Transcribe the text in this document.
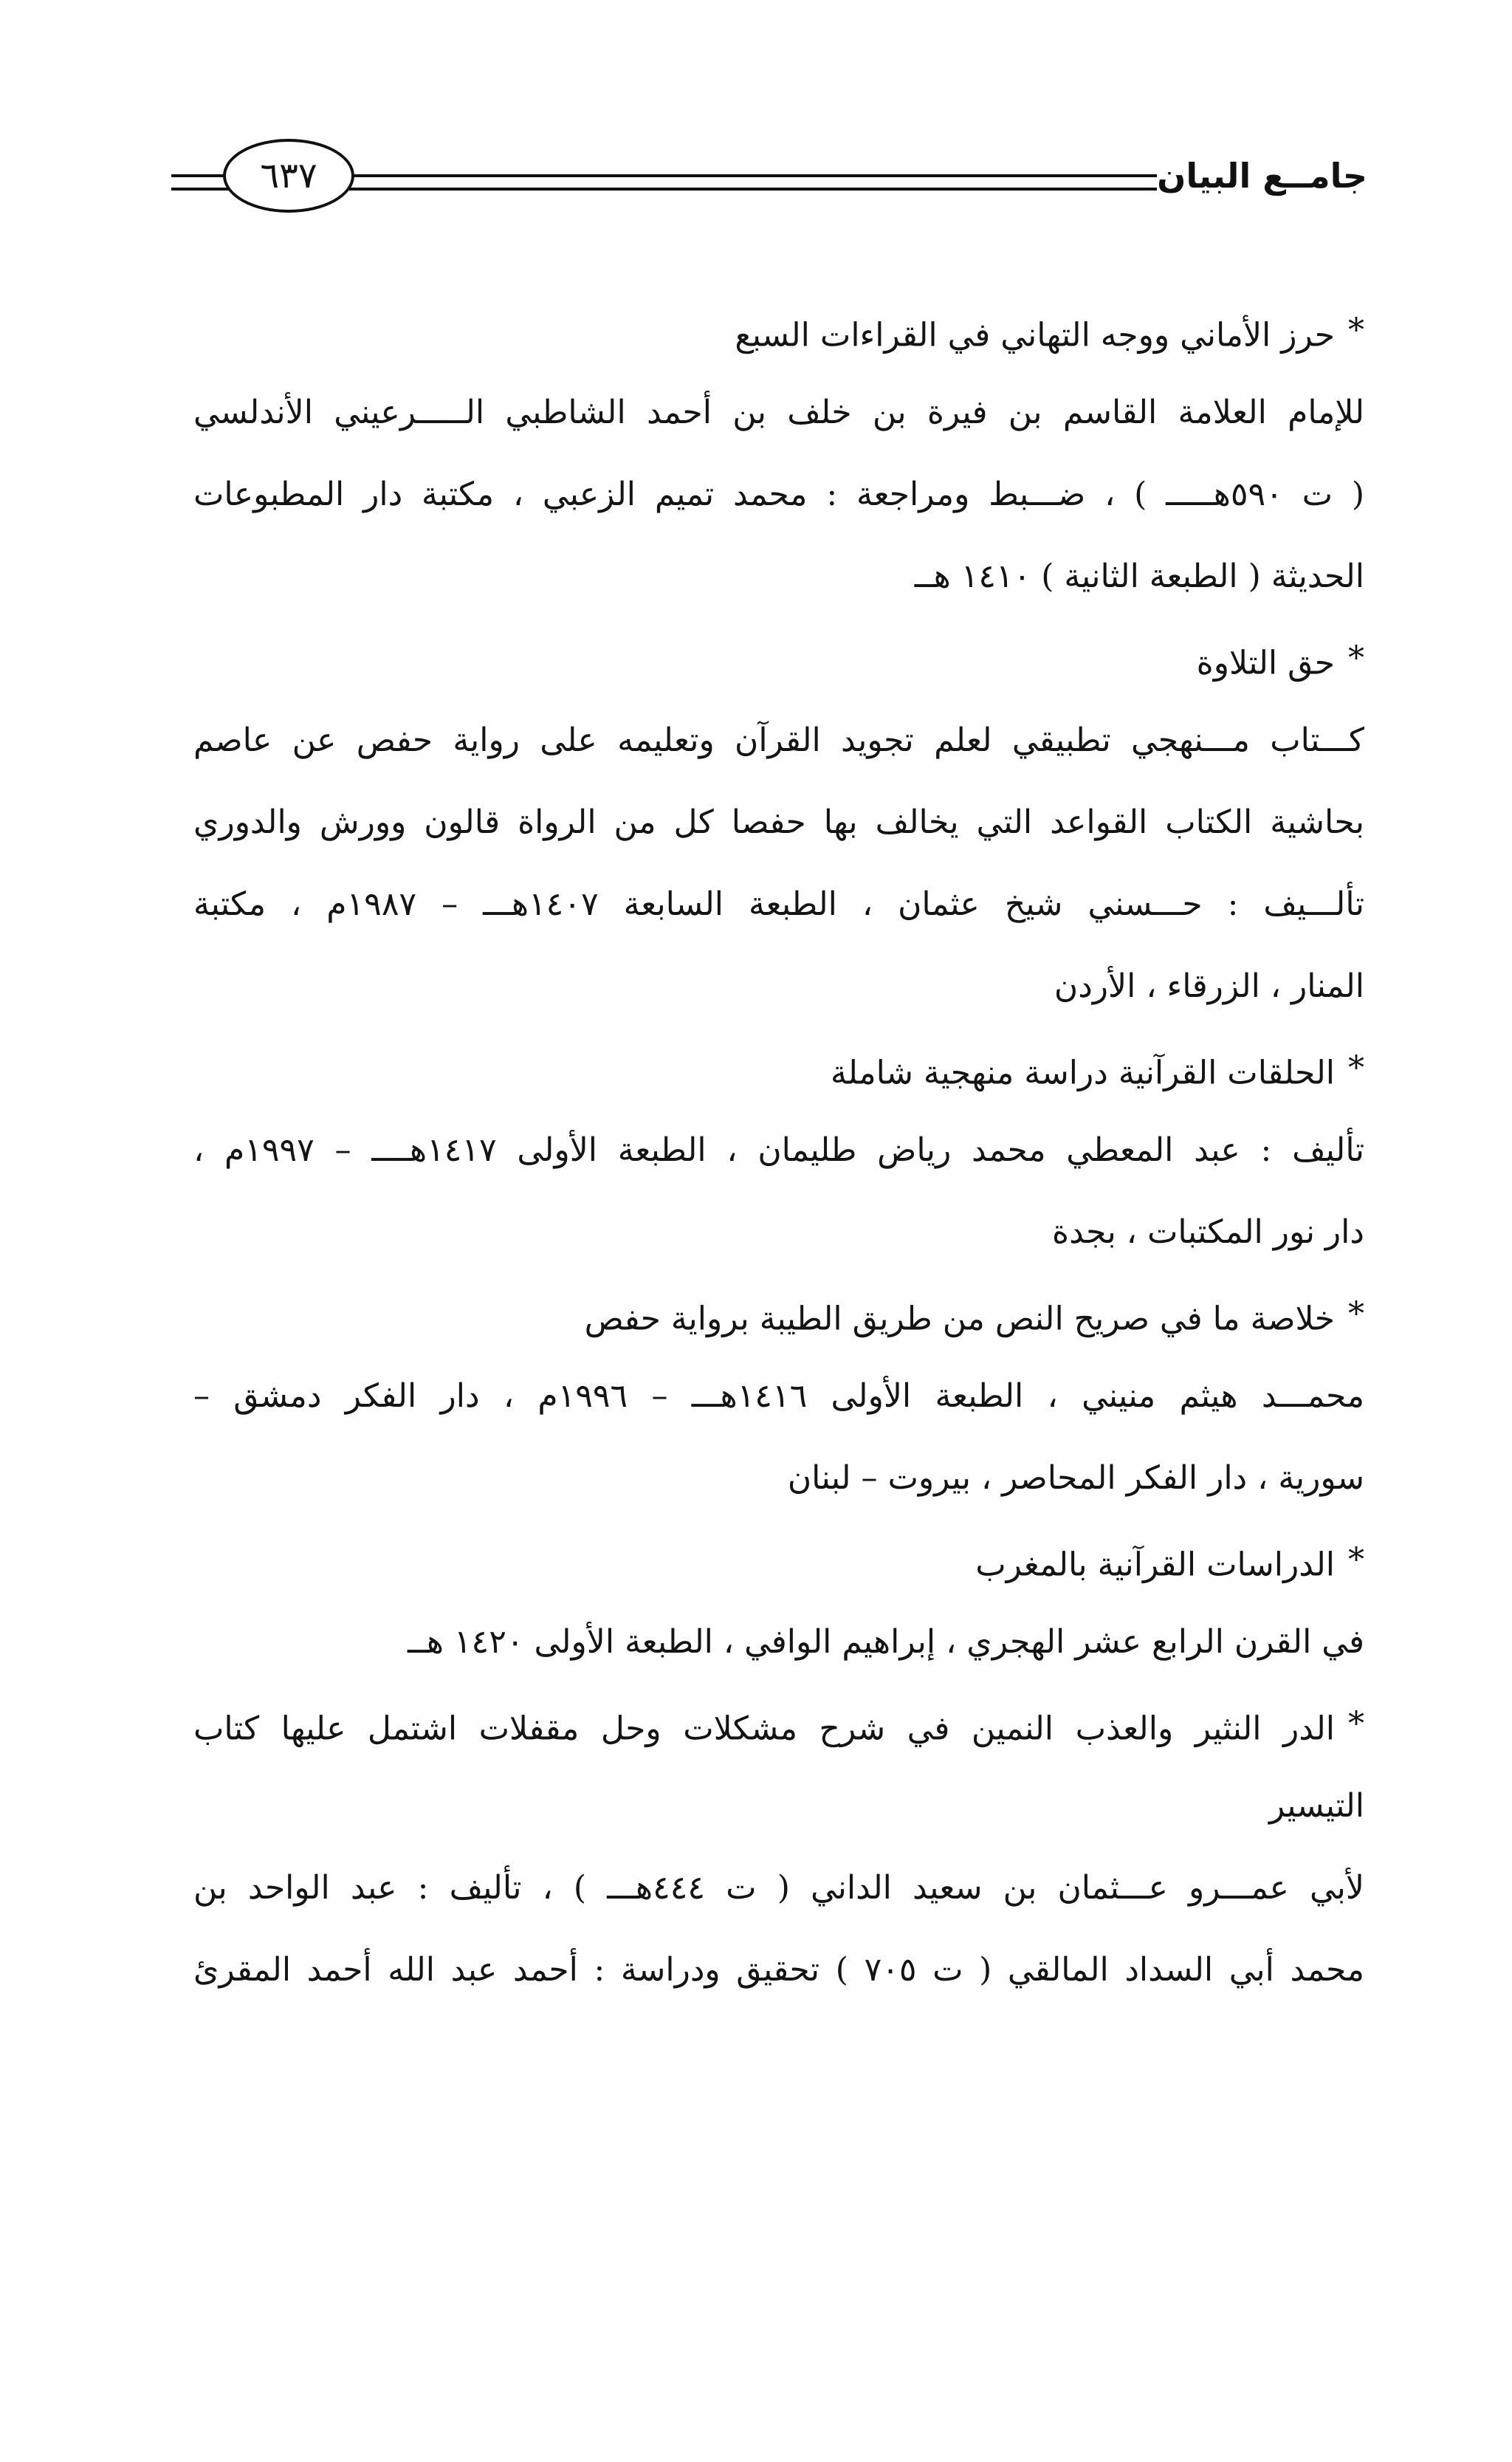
جامــع البيان
٦٣٧
*حرز الأماني ووجه التهاني في القراءات السبع
للإمام العلامة القاسم بن فيرة بن خلف بن أحمد الشاطبي الـــــرعيني الأندلسي
( ت ٥٩٠هـــــ ) ، ضـــبط ومراجعة : محمد تميم الزعبي ، مكتبة دار المطبوعات
الحديثة ( الطبعة الثانية ) ١٤١٠ هــ
*حق التلاوة
كـــتاب مـــنهجي تطبيقي لعلم تجويد القرآن وتعليمه على رواية حفص عن عاصم
بحاشية الكتاب القواعد التي يخالف بها حفصا كل من الرواة قالون وورش والدوري
تألـــيف : حـــسني شيخ عثمان ، الطبعة السابعة ١٤٠٧هـــ – ١٩٨٧م ، مكتبة
المنار ، الزرقاء ، الأردن
*الحلقات القرآنية دراسة منهجية شاملة
تأليف : عبد المعطي محمد رياض طليمان ، الطبعة الأولى ١٤١٧هــــ – ١٩٩٧م ،
دار نور المكتبات ، بجدة
*خلاصة ما في صريح النص من طريق الطيبة برواية حفص
محمـــد هيثم منيني ، الطبعة الأولى ١٤١٦هـــ – ١٩٩٦م ، دار الفكر دمشق –
سورية ، دار الفكر المحاصر ، بيروت – لبنان
*الدراسات القرآنية بالمغرب
في القرن الرابع عشر الهجري ، إبراهيم الوافي ، الطبعة الأولى ١٤٢٠ هــ
*الدر النثير والعذب النمين في شرح مشكلات وحل مقفلات اشتمل عليها كتاب
التيسير
لأبي عمـــرو عـــثمان بن سعيد الداني ( ت ٤٤٤هـــ ) ، تأليف : عبد الواحد بن
محمد أبي السداد المالقي ( ت ٧٠٥ ) تحقيق ودراسة : أحمد عبد الله أحمد المقرئ
